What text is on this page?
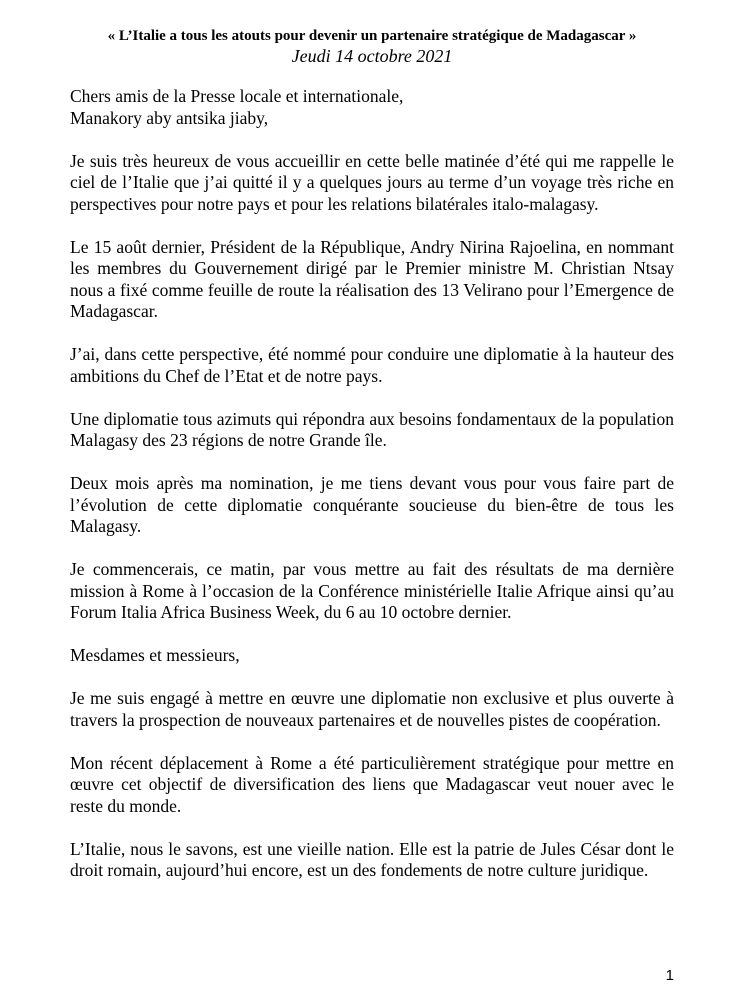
« L’Italie a tous les atouts pour devenir un partenaire stratégique de Madagascar »
Jeudi 14 octobre 2021
Chers amis de la Presse locale et internationale,
Manakory aby antsika jiaby,

Je suis très heureux de vous accueillir en cette belle matinée d’été qui me rappelle le ciel de l’Italie que j’ai quitté il y a quelques jours au terme d’un voyage très riche en perspectives pour notre pays et pour les relations bilatérales italo-malagasy.

Le 15 août dernier, Président de la République, Andry Nirina Rajoelina, en nommant les membres du Gouvernement dirigé par le Premier ministre M. Christian Ntsay nous a fixé comme feuille de route la réalisation des 13 Velirano pour l’Emergence de Madagascar.

J’ai, dans cette perspective, été nommé pour conduire une diplomatie à la hauteur des ambitions du Chef de l’Etat et de notre pays.

Une diplomatie tous azimuts qui répondra aux besoins fondamentaux de la population Malagasy des 23 régions de notre Grande île.

Deux mois après ma nomination, je me tiens devant vous pour vous faire part de l’évolution de cette diplomatie conquérante soucieuse du bien-être de tous les Malagasy.

Je commencerais, ce matin, par vous mettre au fait des résultats de ma dernière mission à Rome à l’occasion de la Conférence ministérielle Italie Afrique ainsi qu’au Forum Italia Africa Business Week, du 6 au 10 octobre dernier.

Mesdames et messieurs,

Je me suis engagé à mettre en œuvre une diplomatie non exclusive et plus ouverte à travers la prospection de nouveaux partenaires et de nouvelles pistes de coopération.

Mon récent déplacement à Rome a été particulièrement stratégique pour mettre en œuvre cet objectif de diversification des liens que Madagascar veut nouer avec le reste du monde.

L’Italie, nous le savons, est une vieille nation. Elle est la patrie de Jules César dont le droit romain, aujourd’hui encore, est un des fondements de notre culture juridique.

1
